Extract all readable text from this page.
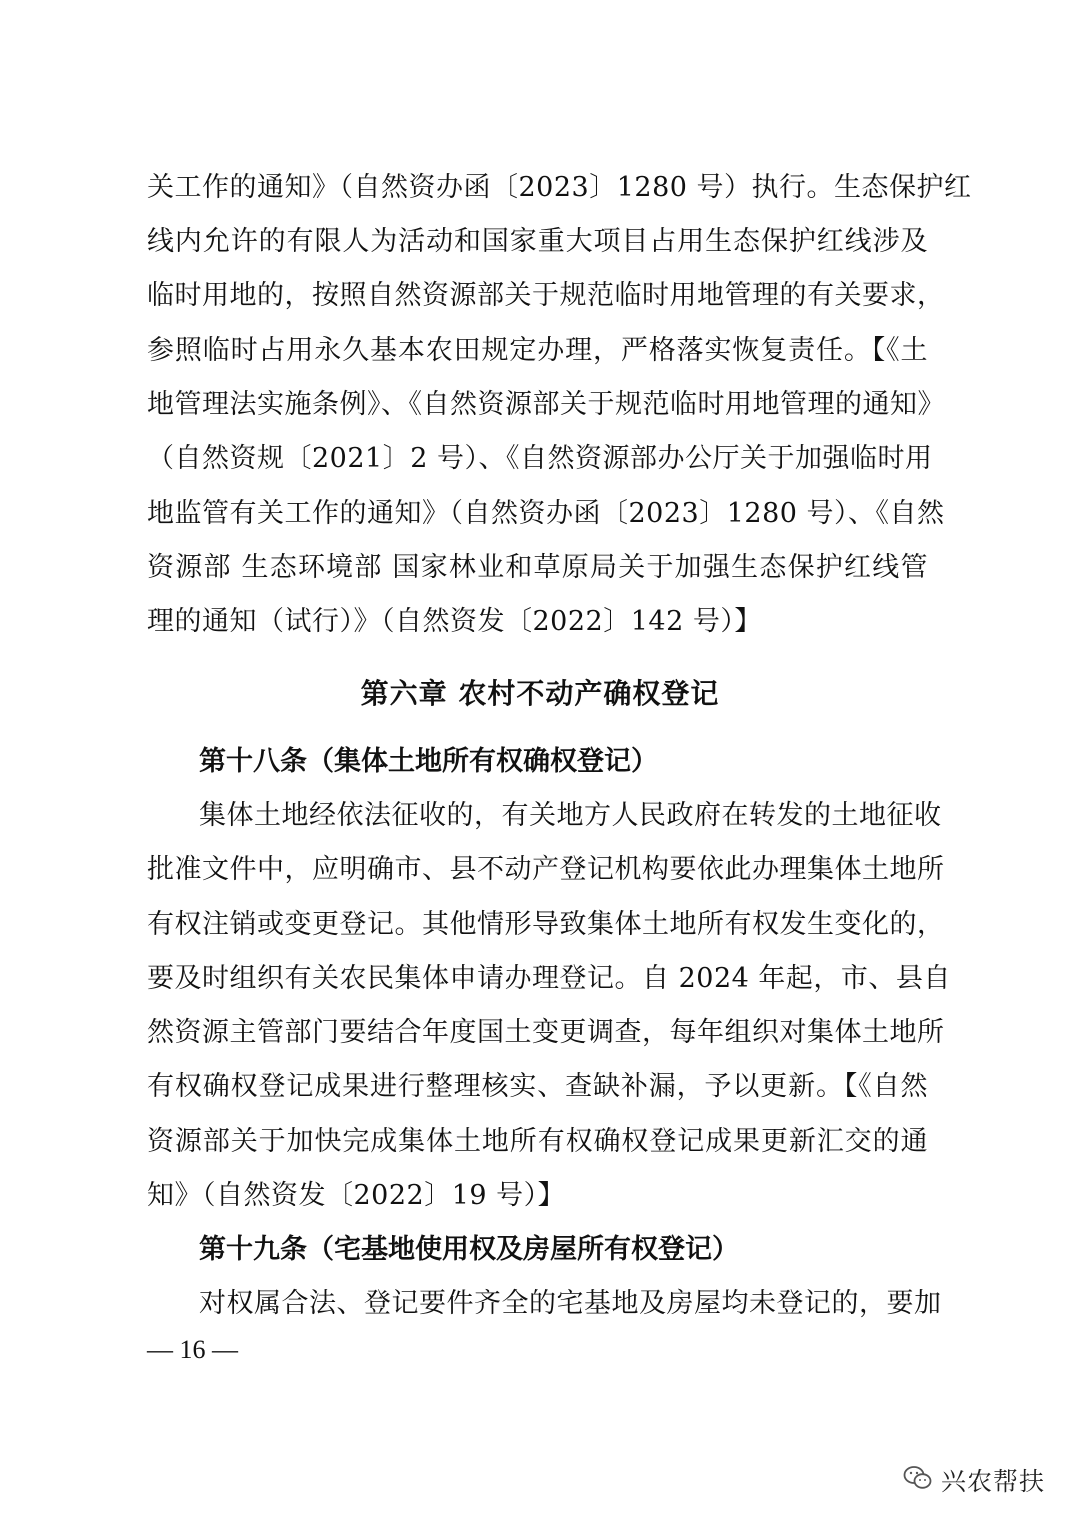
关工作的通知》（自然资办函〔2023〕1280 号）执行。生态保护红
线内允许的有限人为活动和国家重大项目占用生态保护红线涉及
临时用地的，按照自然资源部关于规范临时用地管理的有关要求，
参照临时占用永久基本农田规定办理，严格落实恢复责任。【《土
地管理法实施条例》、《自然资源部关于规范临时用地管理的通知》
（自然资规〔2021〕2 号）、《自然资源部办公厅关于加强临时用
地监管有关工作的通知》（自然资办函〔2023〕1280 号）、《自然
资源部 生态环境部 国家林业和草原局关于加强生态保护红线管
理的通知（试行）》（自然资发〔2022〕142 号）】
第六章 农村不动产确权登记
第十八条（集体土地所有权确权登记）
集体土地经依法征收的，有关地方人民政府在转发的土地征收
批准文件中，应明确市、县不动产登记机构要依此办理集体土地所
有权注销或变更登记。其他情形导致集体土地所有权发生变化的，
要及时组织有关农民集体申请办理登记。自 2024 年起，市、县自
然资源主管部门要结合年度国土变更调查，每年组织对集体土地所
有权确权登记成果进行整理核实、查缺补漏，予以更新。【《自然
资源部关于加快完成集体土地所有权确权登记成果更新汇交的通
知》（自然资发〔2022〕19 号）】
第十九条（宅基地使用权及房屋所有权登记）
对权属合法、登记要件齐全的宅基地及房屋均未登记的，要加
— 16 —
兴农帮扶
